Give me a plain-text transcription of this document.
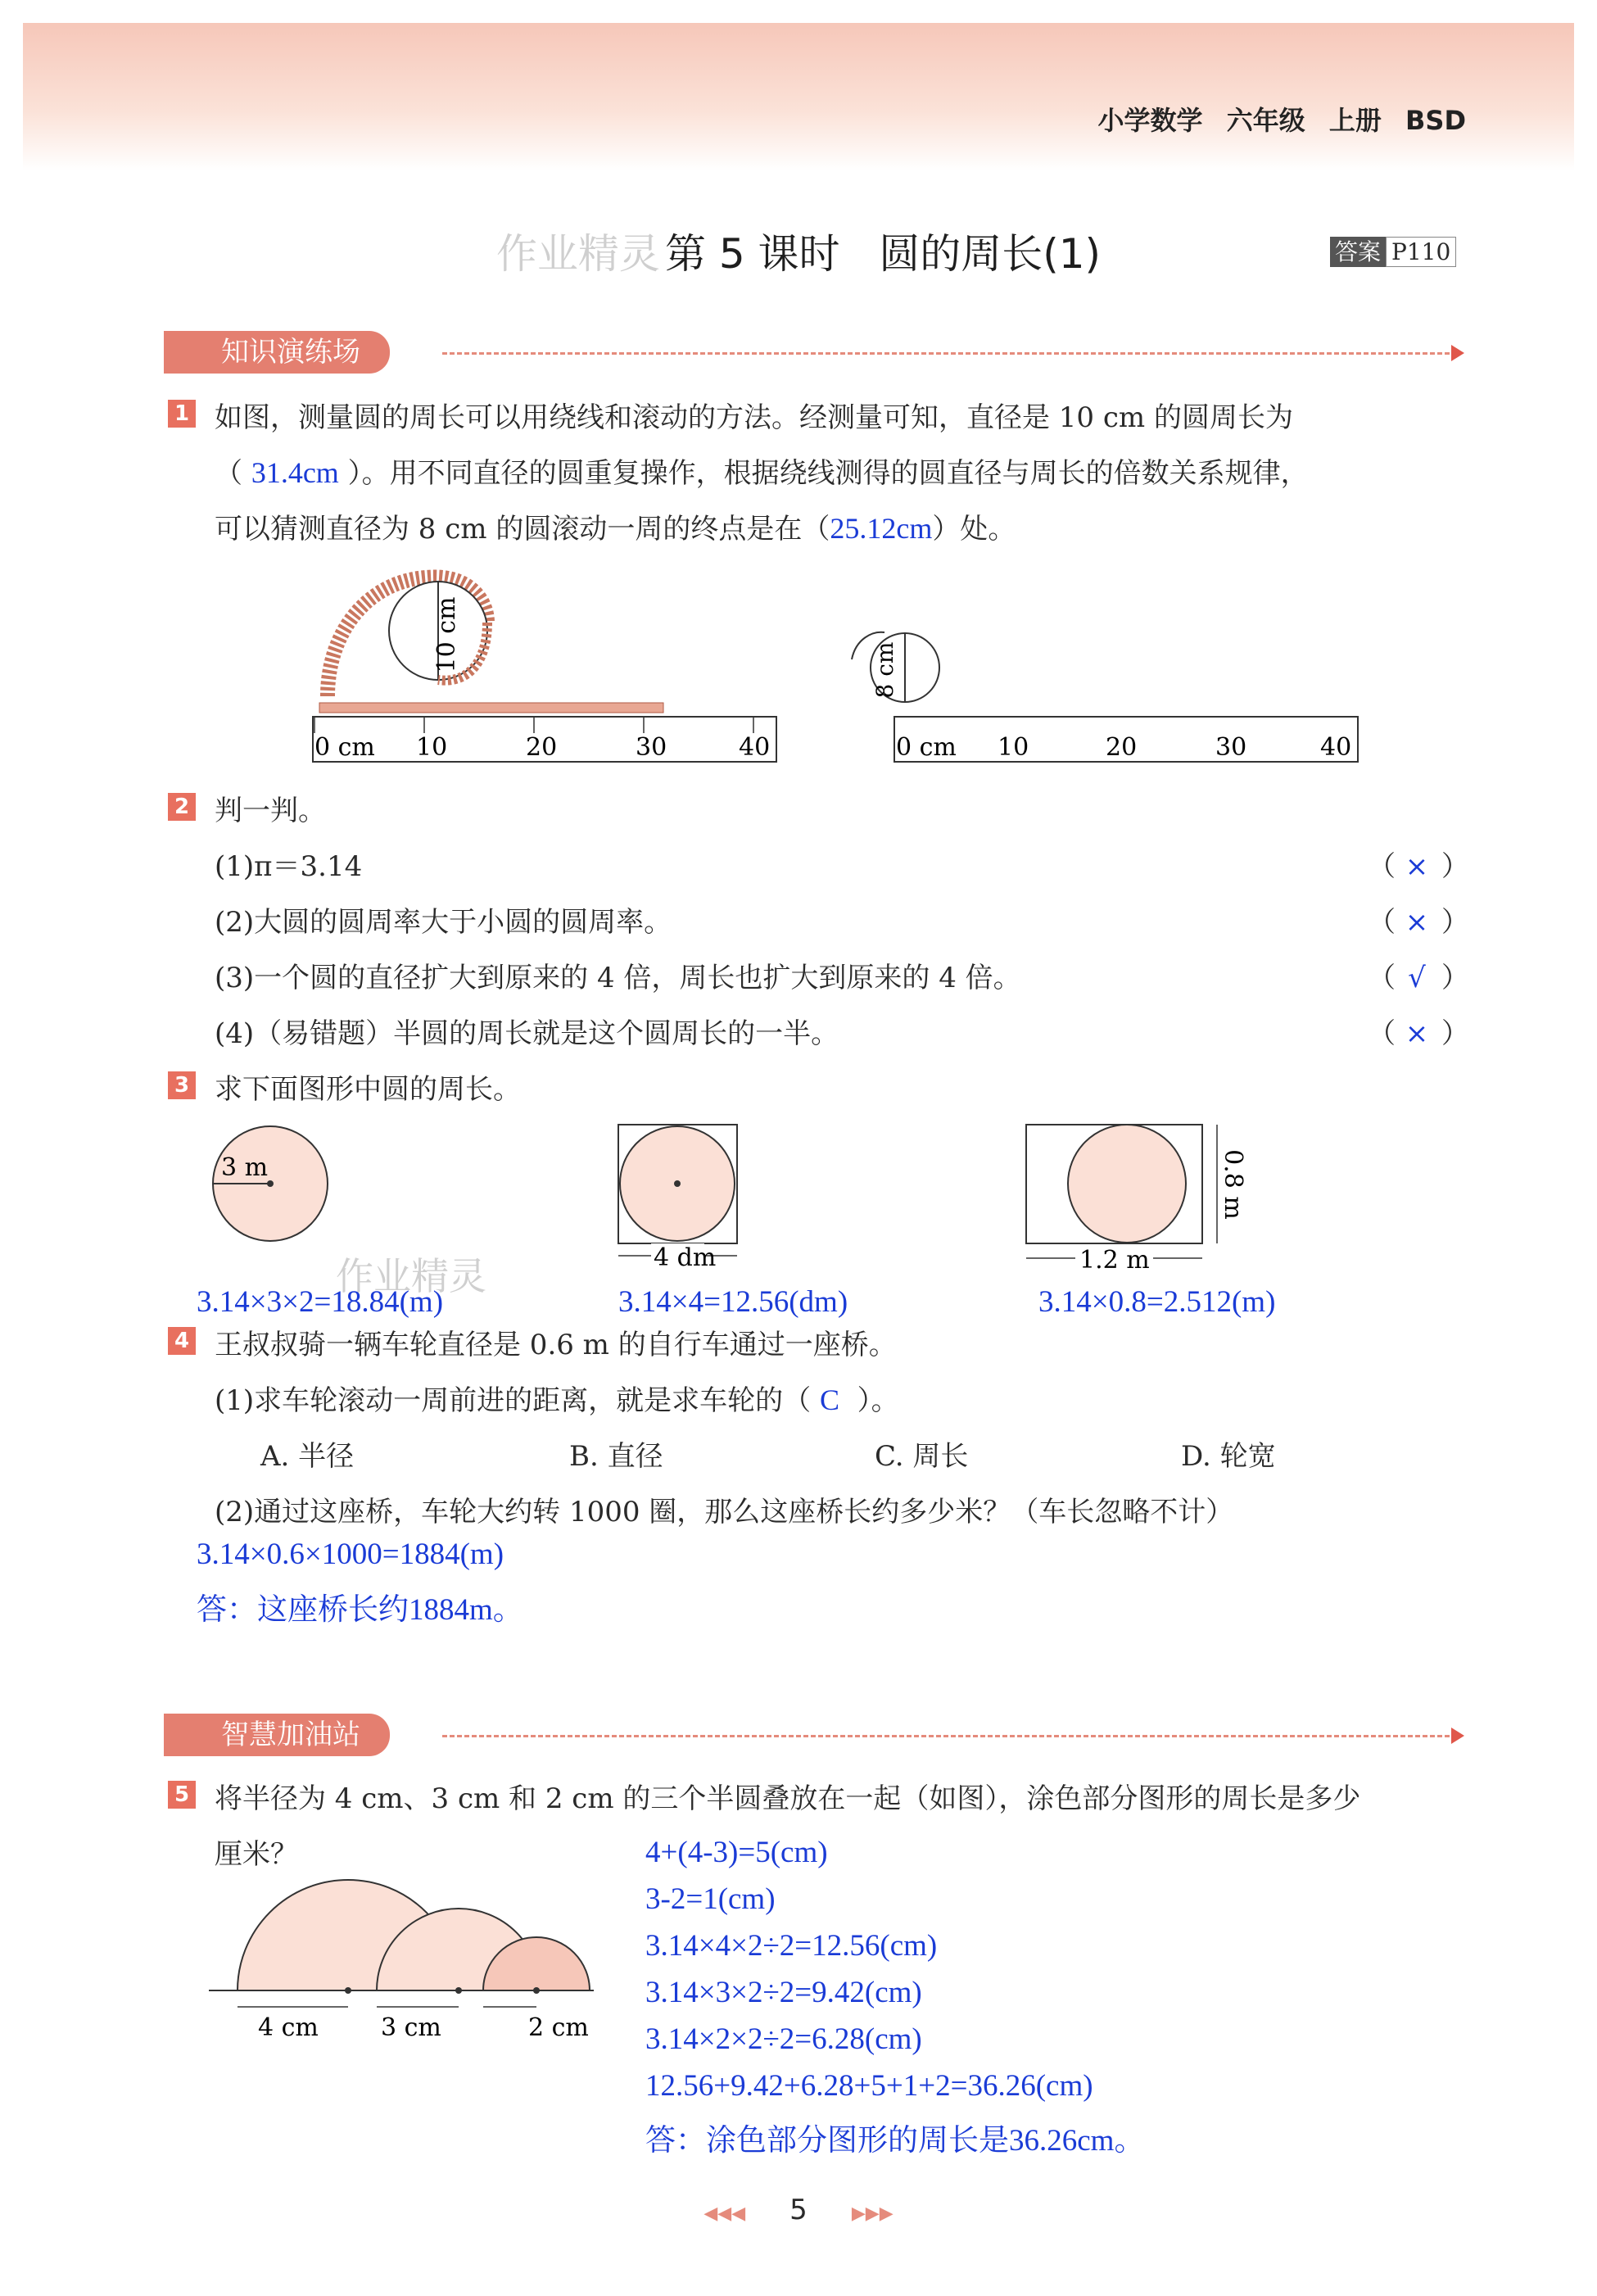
小学数学 六年级 上册 BSD
作业精灵 第 5 课时 圆的周长(1)	答案 P110
知识演练场
1 如图，测量圆的周长可以用绕线和滚动的方法。经测量可知，直径是 10 cm 的圆周长为
（ 31.4cm ）。用不同直径的圆重复操作，根据绕线测得的圆直径与周长的倍数关系规律，
可以猜测直径为 8 cm 的圆滚动一周的终点是在（25.12cm）处。
10 cm
0 cm 10	20	30	40
8 cm
0 cm 10	20	30	40
2 判一判。
(1)π＝3.14	（ × ）
(2)大圆的圆周率大于小圆的圆周率。	（ × ）
(3)一个圆的直径扩大到原来的 4 倍，周长也扩大到原来的 4 倍。	（ √ ）
(4)（易错题）半圆的周长就是这个圆周长的一半。	（ × ）
3 求下面图形中圆的周长。
3 m
4 dm	1.2 m
0.8 m
作业精灵
3.14×3×2=18.84(m)	3.14×4=12.56(dm)	3.14×0.8=2.512(m)
4 王叔叔骑一辆车轮直径是 0.6 m 的自行车通过一座桥。
(1)求车轮滚动一周前进的距离，就是求车轮的（ C ）。
A. 半径	B. 直径	C. 周长	D. 轮宽
(2)通过这座桥，车轮大约转 1000 圈，那么这座桥长约多少米？（车长忽略不计）
3.14×0.6×1000=1884(m)
答：这座桥长约1884m。
智慧加油站
5 将半径为 4 cm、3 cm 和 2 cm 的三个半圆叠放在一起（如图），涂色部分图形的周长是多少
厘米？
4 cm	3 cm	2 cm
4+(4-3)=5(cm)
3-2=1(cm)
3.14×4×2÷2=12.56(cm)
3.14×3×2÷2=9.42(cm)
3.14×2×2÷2=6.28(cm)
12.56+9.42+6.28+5+1+2=36.26(cm)
答：涂色部分图形的周长是36.26cm。
◀◀◀ 5 ▶▶▶
